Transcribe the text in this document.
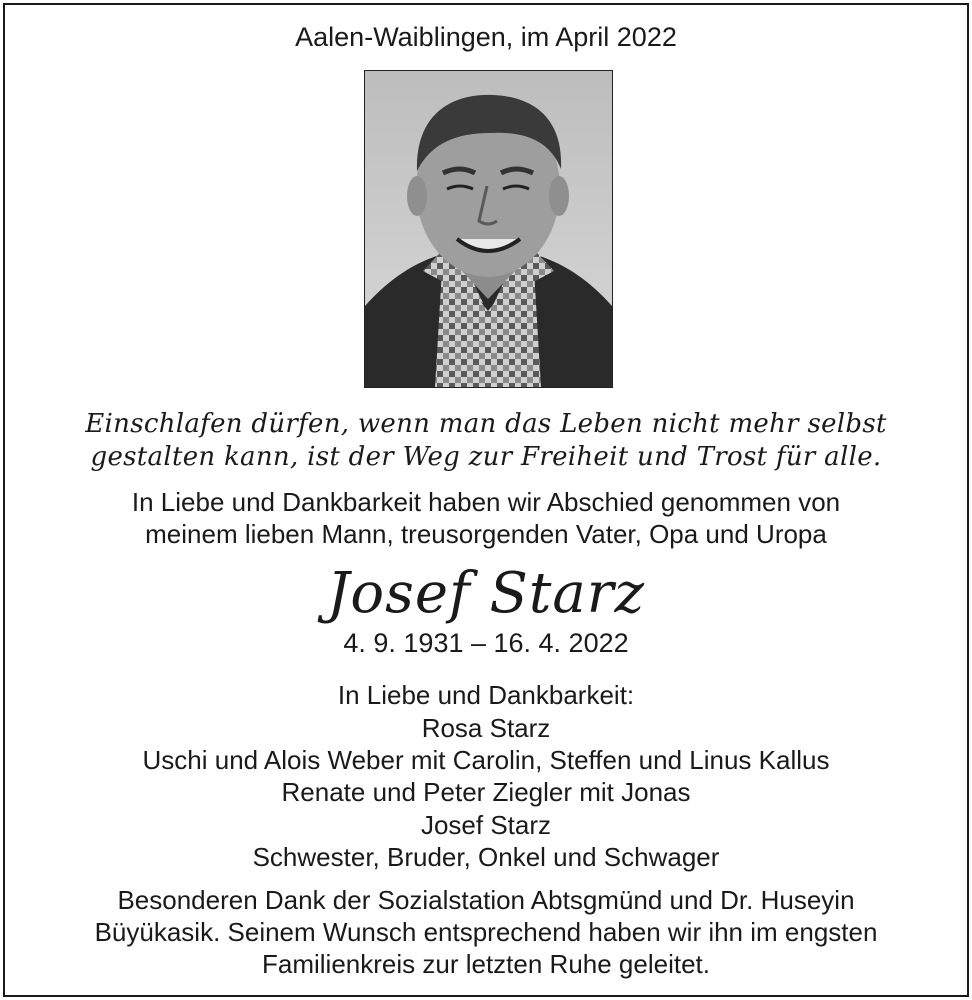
Aalen-Waiblingen, im April 2022
Einschlafen dürfen, wenn man das Leben nicht mehr selbst
gestalten kann, ist der Weg zur Freiheit und Trost für alle.
In Liebe und Dankbarkeit haben wir Abschied genommen von
meinem lieben Mann, treusorgenden Vater, Opa und Uropa
Josef Starz
4. 9. 1931 – 16. 4. 2022
In Liebe und Dankbarkeit:
Rosa Starz
Uschi und Alois Weber mit Carolin, Steffen und Linus Kallus
Renate und Peter Ziegler mit Jonas
Josef Starz
Schwester, Bruder, Onkel und Schwager
Besonderen Dank der Sozialstation Abtsgmünd und Dr. Huseyin
Büyükasik. Seinem Wunsch entsprechend haben wir ihn im engsten
Familienkreis zur letzten Ruhe geleitet.
